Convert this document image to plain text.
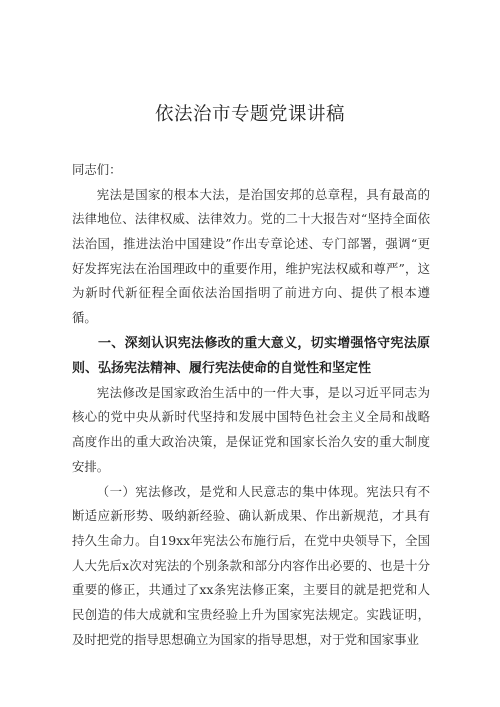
依法治市专题党课讲稿

同志们：

宪法是国家的根本大法，是治国安邦的总章程，具有最高的法律地位、法律权威、法律效力。党的二十大报告对“坚持全面依法治国，推进法治中国建设”作出专章论述、专门部署，强调“更好发挥宪法在治国理政中的重要作用，维护宪法权威和尊严”，这为新时代新征程全面依法治国指明了前进方向、提供了根本遵循。

一、深刻认识宪法修改的重大意义，切实增强恪守宪法原则、弘扬宪法精神、履行宪法使命的自觉性和坚定性

宪法修改是国家政治生活中的一件大事，是以习近平同志为核心的党中央从新时代坚持和发展中国特色社会主义全局和战略高度作出的重大政治决策，是保证党和国家长治久安的重大制度安排。

（一）宪法修改，是党和人民意志的集中体现。宪法只有不断适应新形势、吸纳新经验、确认新成果、作出新规范，才具有持久生命力。自19xx年宪法公布施行后，在党中央领导下，全国人大先后x次对宪法的个别条款和部分内容作出必要的、也是十分重要的修正，共通过了xx条宪法修正案，主要目的就是把党和人民创造的伟大成就和宝贵经验上升为国家宪法规定。实践证明，及时把党的指导思想确立为国家的指导思想，对于党和国家事业
